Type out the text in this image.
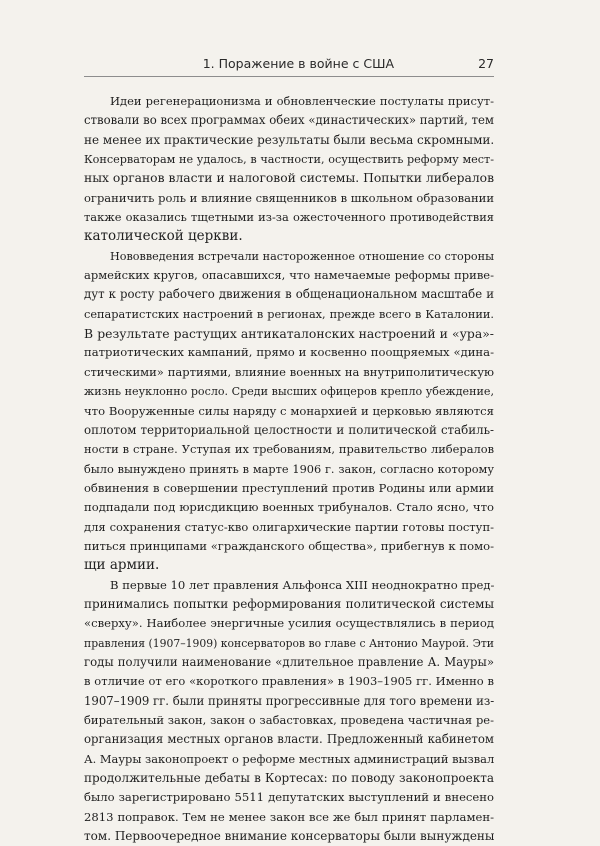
1. Поражение в войне с США	27

Идеи регенерационизма и обновленческие постулаты присут-
ствовали во всех программах обеих «династических» партий, тем
не менее их практические результаты были весьма скромными.
Консерваторам не удалось, в частности, осуществить реформу мест-
ных органов власти и налоговой системы. Попытки либералов
ограничить роль и влияние священников в школьном образовании
также оказались тщетными из-за ожесточенного противодействия
католической церкви.

Нововведения встречали настороженное отношение со стороны
армейских кругов, опасавшихся, что намечаемые реформы приве-
дут к росту рабочего движения в общенациональном масштабе и
сепаратистских настроений в регионах, прежде всего в Каталонии.
В результате растущих антикаталонских настроений и «ура»-
патриотических кампаний, прямо и косвенно поощряемых «дина-
стическими» партиями, влияние военных на внутриполитическую
жизнь неуклонно росло. Среди высших офицеров крепло убеждение,
что Вооруженные силы наряду с монархией и церковью являются
оплотом территориальной целостности и политической стабиль-
ности в стране. Уступая их требованиям, правительство либералов
было вынуждено принять в марте 1906 г. закон, согласно которому
обвинения в совершении преступлений против Родины или армии
подпадали под юрисдикцию военных трибуналов. Стало ясно, что
для сохранения статус-кво олигархические партии готовы поступ-
питься принципами «гражданского общества», прибегнув к помо-
щи армии.

В первые 10 лет правления Альфонса XIII неоднократно пред-
принимались попытки реформирования политической системы
«сверху». Наиболее энергичные усилия осуществлялись в период
правления (1907–1909) консерваторов во главе с Антонио Маурой. Эти
годы получили наименование «длительное правление А. Мауры»
в отличие от его «короткого правления» в 1903–1905 гг. Именно в
1907–1909 гг. были приняты прогрессивные для того времени из-
бирательный закон, закон о забастовках, проведена частичная ре-
организация местных органов власти. Предложенный кабинетом
А. Мауры законопроект о реформе местных администраций вызвал
продолжительные дебаты в Кортесах: по поводу законопроекта
было зарегистрировано 5511 депутатских выступлений и внесено
2813 поправок. Тем не менее закон все же был принят парламен-
том. Первоочередное внимание консерваторы были вынуждены
